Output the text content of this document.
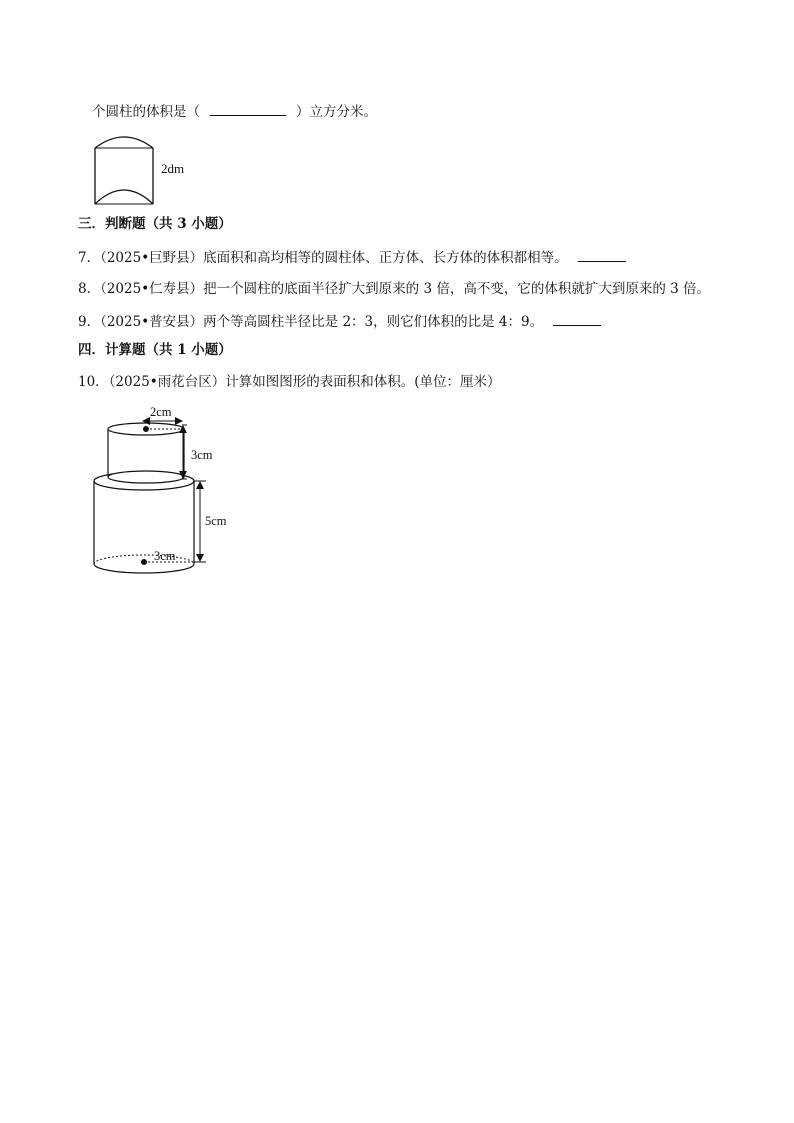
个圆柱的体积是（	）立方分米。
2dm
三．判断题（共 3 小题）
7．（2025•巨野县）底面积和高均相等的圆柱体、正方体、长方体的体积都相等。
8．（2025•仁寿县）把一个圆柱的底面半径扩大到原来的 3 倍，高不变，它的体积就扩大到原来的 3 倍。
9．（2025•普安县）两个等高圆柱半径比是 2：3，则它们体积的比是 4：9。
四．计算题（共 1 小题）
10．（2025•雨花台区）计算如图图形的表面积和体积。(单位：厘米）
3cm
2cm
3cm
5cm
